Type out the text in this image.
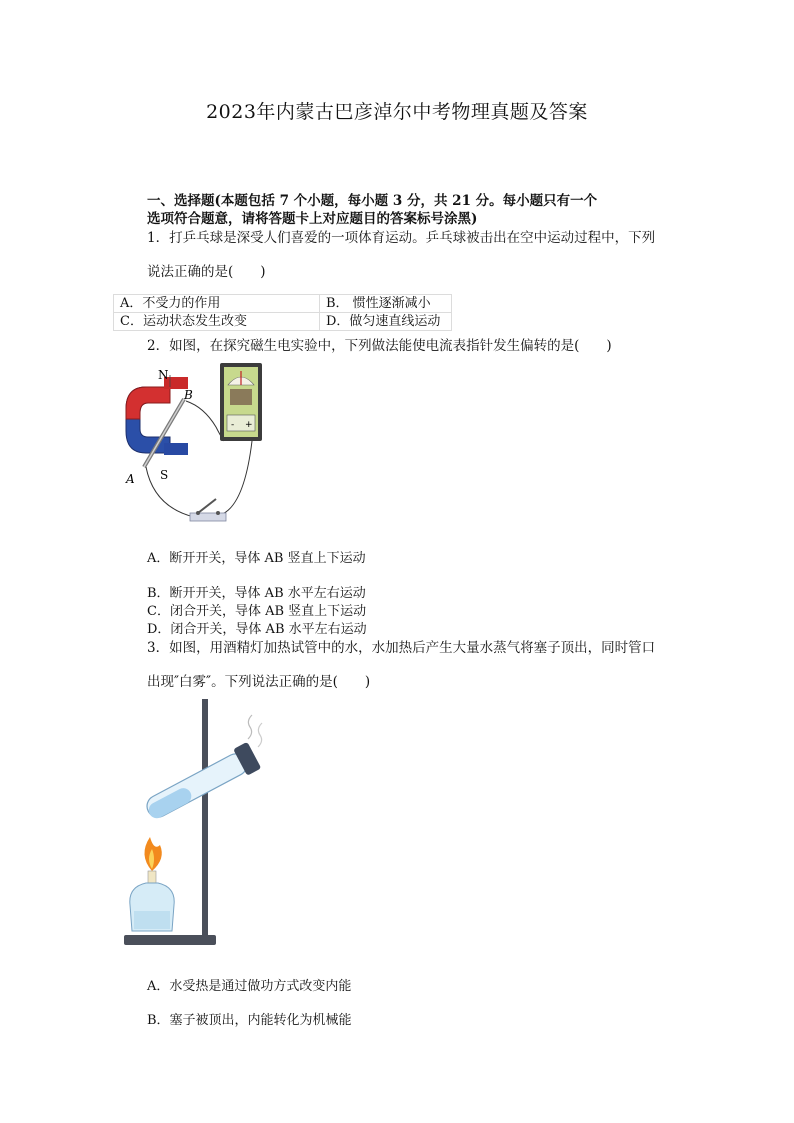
2023年内蒙古巴彦淖尔中考物理真题及答案
一、选择题(本题包括 7 个小题，每小题 3 分，共 21 分。每小题只有一个
选项符合题意，请将答题卡上对应题目的答案标号涂黑)
1．打乒乓球是深受人们喜爱的一项体育运动。乒乓球被击出在空中运动过程中，下列
说法正确的是(　　)
A．不受力的作用	B． 惯性逐渐减小
C．运动状态发生改变	D．做匀速直线运动
2．如图，在探究磁生电实验中，下列做法能使电流表指针发生偏转的是(　　)
N
S
A
B
- +
A．断开开关，导体 AB 竖直上下运动
B．断开开关，导体 AB 水平左右运动
C．闭合开关，导体 AB 竖直上下运动
D．闭合开关，导体 AB 水平左右运动
3．如图，用酒精灯加热试管中的水，水加热后产生大量水蒸气将塞子顶出，同时管口
出现″白雾″。下列说法正确的是(　　)
A．水受热是通过做功方式改变内能
B．塞子被顶出，内能转化为机械能
